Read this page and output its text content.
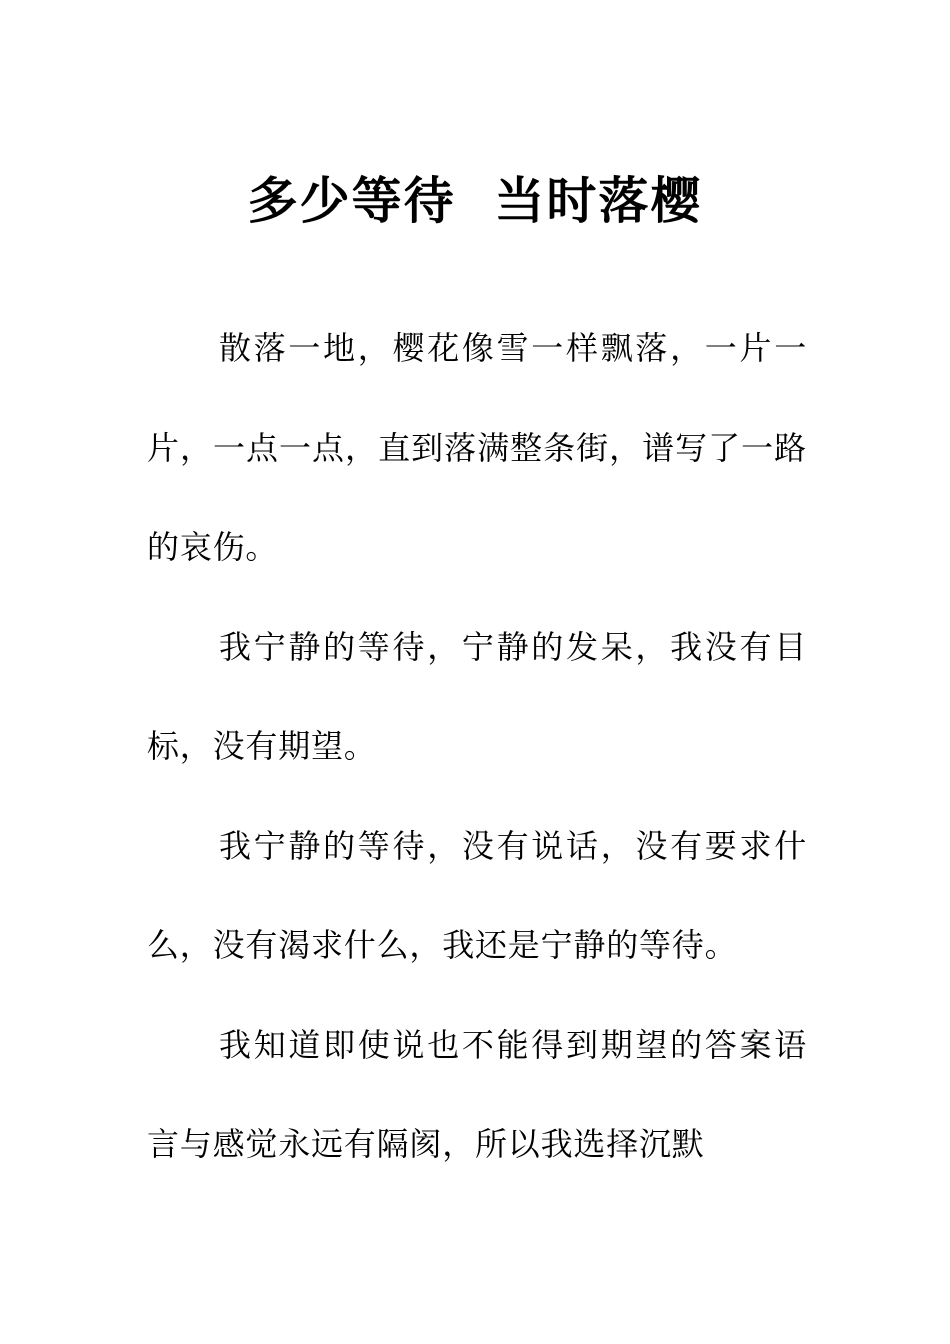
多少等待  当时落樱

散落一地，樱花像雪一样飘落，一片一片，一点一点，直到落满整条街，谱写了一路的哀伤。

我宁静的等待，宁静的发呆，我没有目标，没有期望。

我宁静的等待，没有说话，没有要求什么，没有渴求什么，我还是宁静的等待。

我知道即使说也不能得到期望的答案语言与感觉永远有隔阂，所以我选择沉默
